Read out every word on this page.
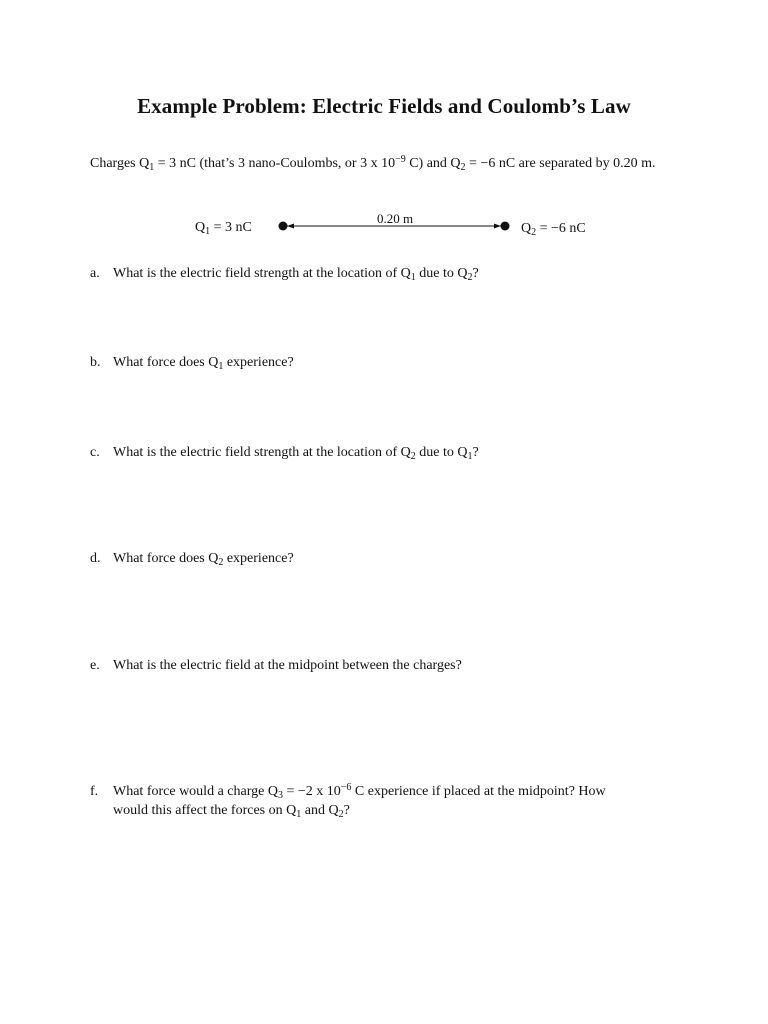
Example Problem: Electric Fields and Coulomb’s Law
Charges $Q_1 = 3$ nC (that’s 3 nano-Coulombs, or 3 x $10^{-9}$ C) and $Q_2 = -6$ nC are separated by 0.20 m.
$Q_1 = 3$ nC
0.20 m
$Q_2 = -6$ nC
a. What is the electric field strength at the location of $Q_1$ due to $Q_2$?
b. What force does $Q_1$ experience?
c. What is the electric field strength at the location of $Q_2$ due to $Q_1$?
d. What force does $Q_2$ experience?
e. What is the electric field at the midpoint between the charges?
f.	What force would a charge $Q_3 = -2$ x $10^{-6}$ C experience if placed at the midpoint? How
would this affect the forces on $Q_1$ and $Q_2$?
